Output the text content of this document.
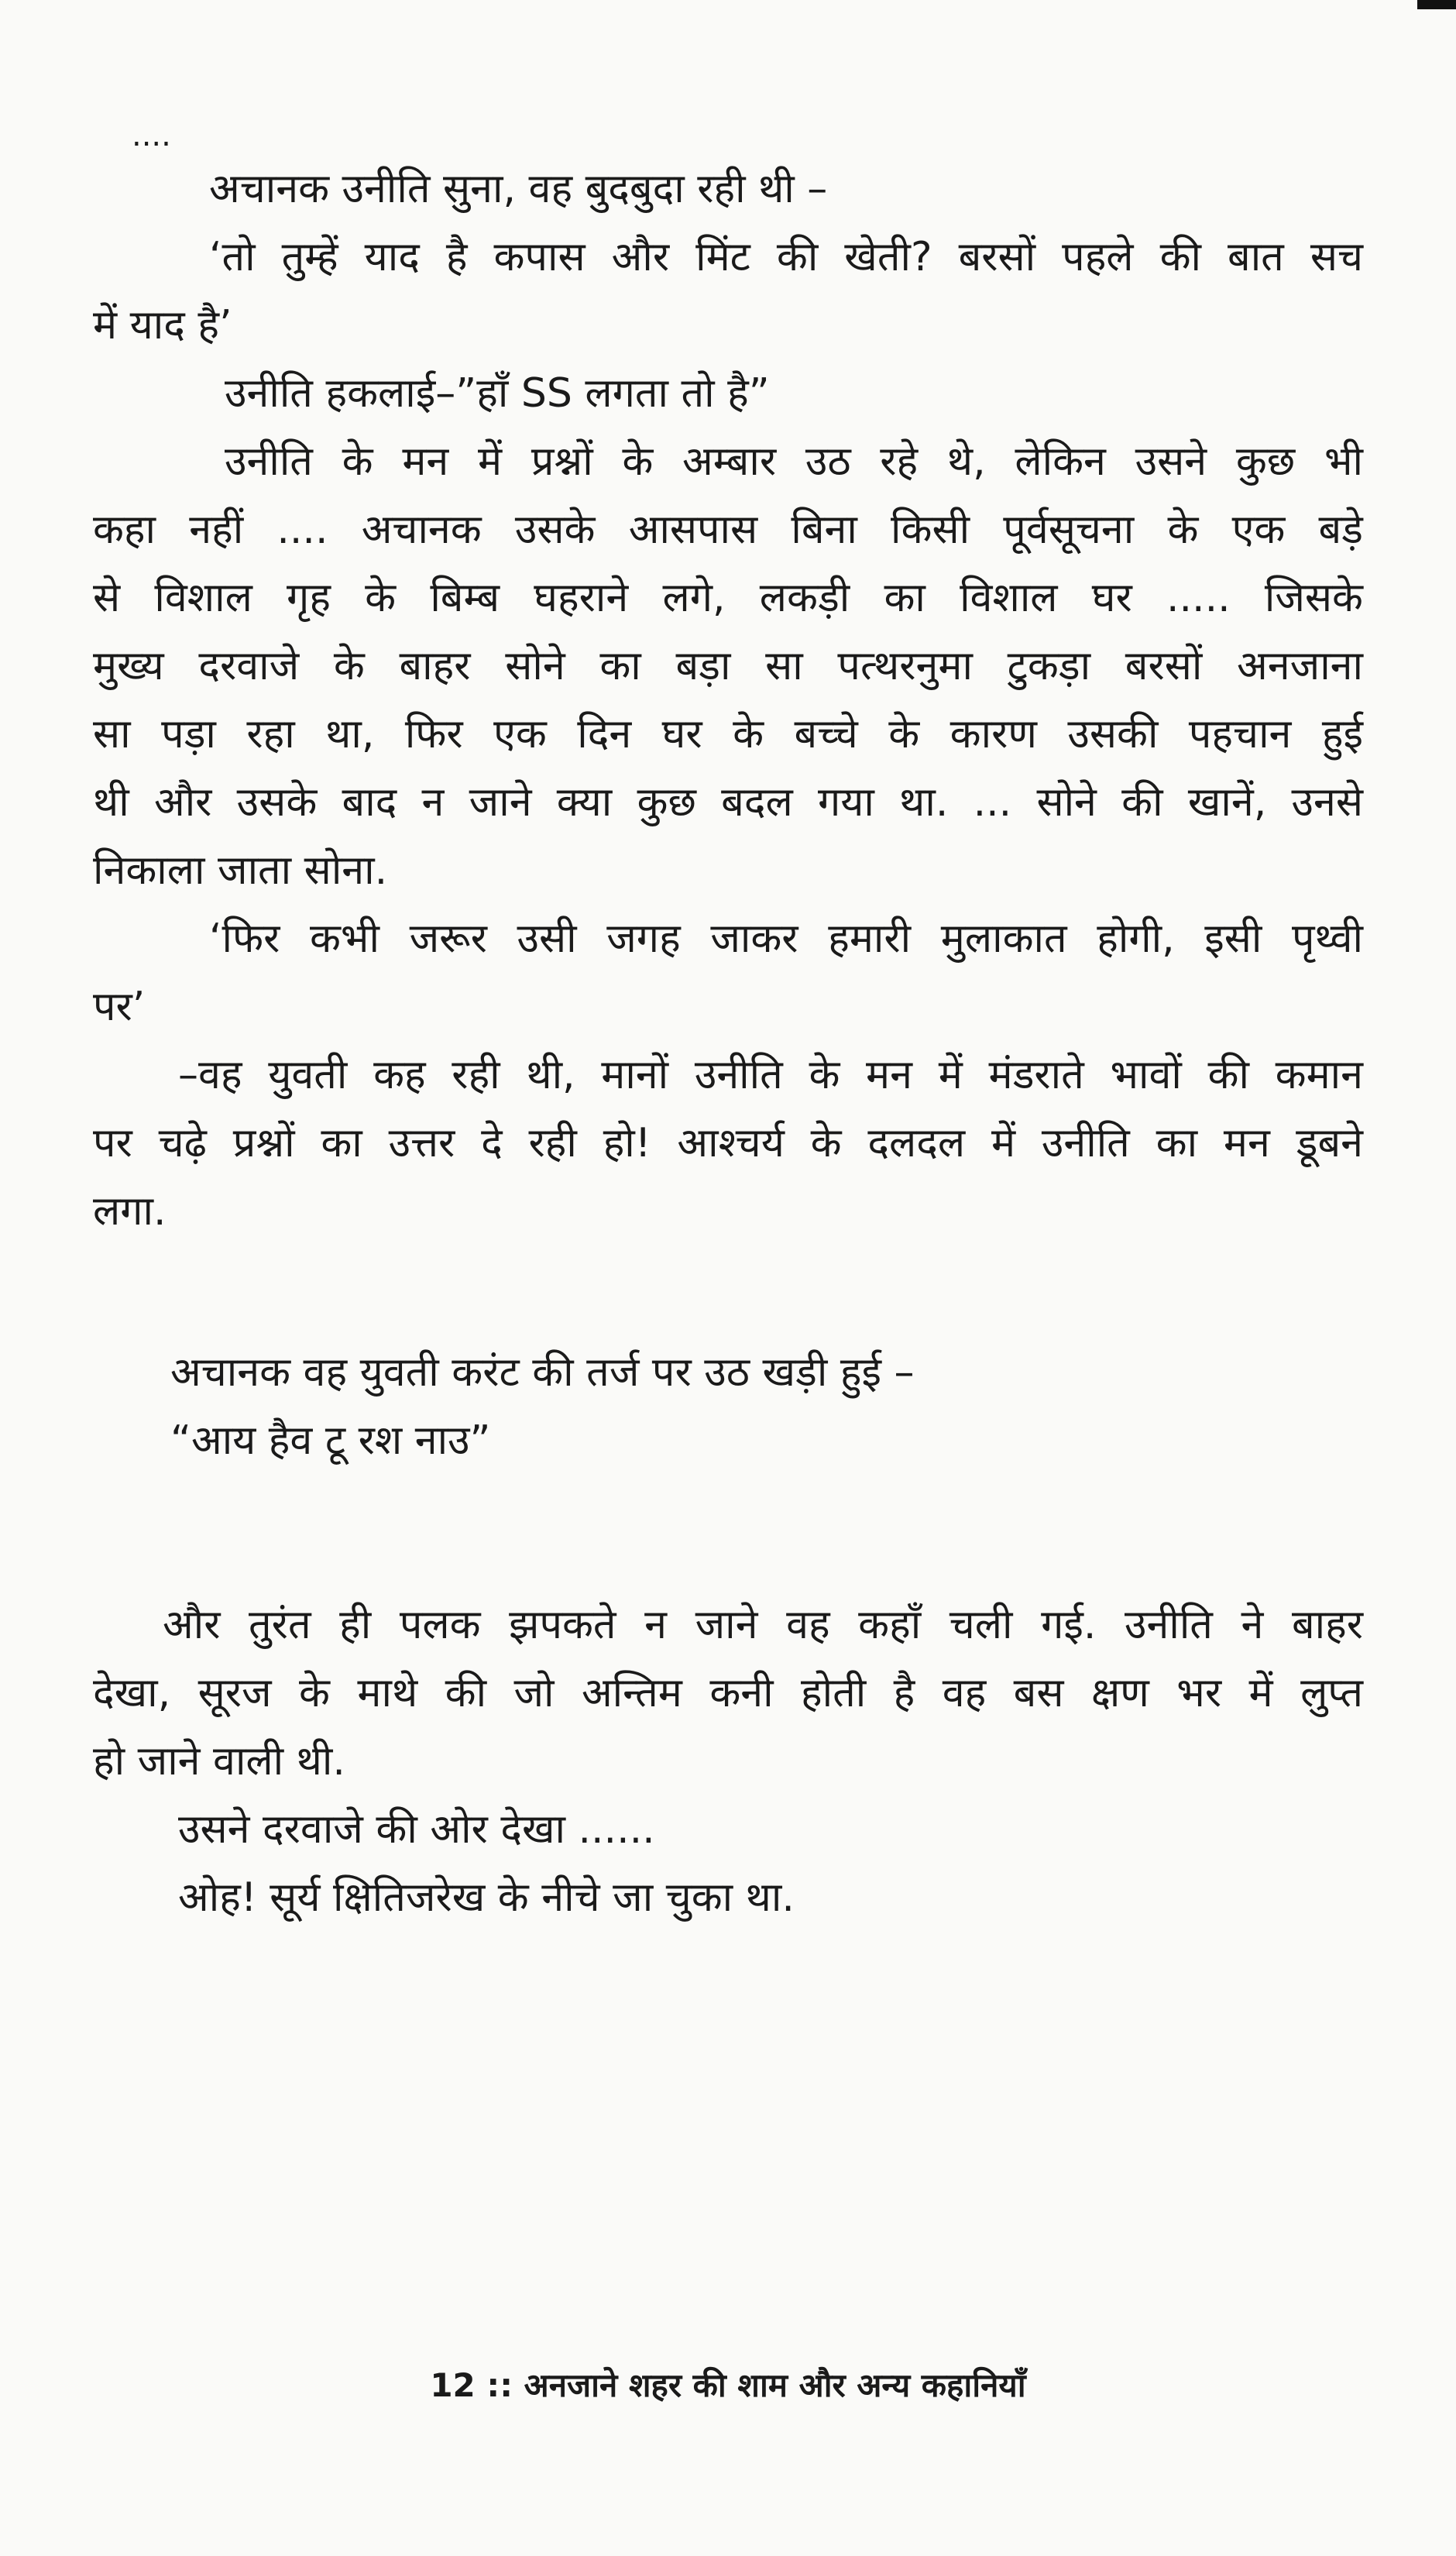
....

अचानक उनीति सुना, वह बुदबुदा रही थी –

‘तो तुम्हें याद है कपास और मिंट की खेती? बरसों पहले की बात सच

में याद है’

उनीति हकलाई–”हाँ SS लगता तो है”

उनीति के मन में प्रश्नों के अम्बार उठ रहे थे, लेकिन उसने कुछ भी

कहा नहीं .... अचानक उसके आसपास बिना किसी पूर्वसूचना के एक बड़े

से विशाल गृह के बिम्ब घहराने लगे, लकड़ी का विशाल घर ..... जिसके

मुख्य दरवाजे के बाहर सोने का बड़ा सा पत्थरनुमा टुकड़ा बरसों अनजाना

सा पड़ा रहा था, फिर एक दिन घर के बच्चे के कारण उसकी पहचान हुई

थी और उसके बाद न जाने क्या कुछ बदल गया था. ... सोने की खानें, उनसे

निकाला जाता सोना.

‘फिर कभी जरूर उसी जगह जाकर हमारी मुलाकात होगी, इसी पृथ्वी

पर’

–वह युवती कह रही थी, मानों उनीति के मन में मंडराते भावों की कमान

पर चढ़े प्रश्नों का उत्तर दे रही हो! आश्चर्य के दलदल में उनीति का मन डूबने

लगा.

अचानक वह युवती करंट की तर्ज पर उठ खड़ी हुई –

“आय हैव टू रश नाउ”

और तुरंत ही पलक झपकते न जाने वह कहाँ चली गई. उनीति ने बाहर

देखा, सूरज के माथे की जो अन्तिम कनी होती है वह बस क्षण भर में लुप्त

हो जाने वाली थी.

उसने दरवाजे की ओर देखा ......

ओह! सूर्य क्षितिजरेख के नीचे जा चुका था.

12 :: अनजाने शहर की शाम और अन्य कहानियाँ
